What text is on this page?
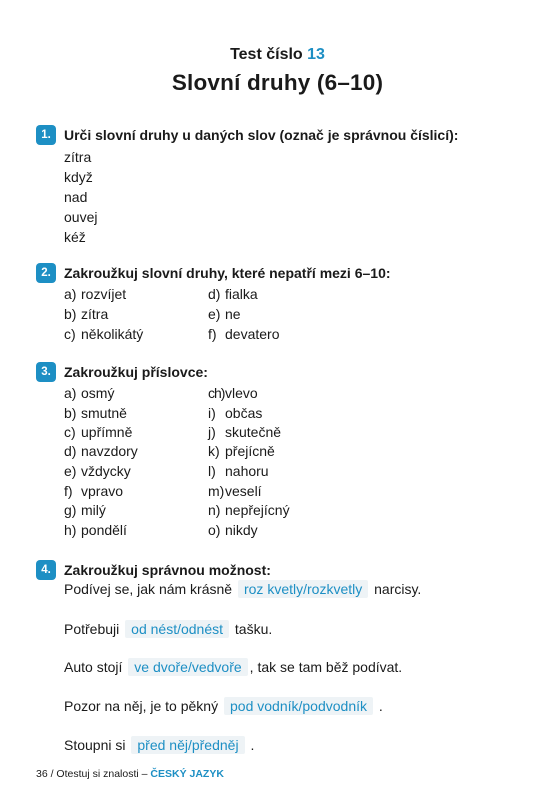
Test číslo 13
Slovní druhy (6–10)
1. Urči slovní druhy u daných slov (označ je správnou číslicí):
zítra
když
nad
ouvej
kéž
2. Zakroužkuj slovní druhy, které nepatří mezi 6–10:
a) rozvíjet
b) zítra
c) několikátý
d) fialka
e) ne
f) devatero
3. Zakroužkuj příslovce:
a) osmý
b) smutně
c) upřímně
d) navzdory
e) vždycky
f) vpravo
g) milý
h) pondělí
ch)vlevo
i) občas
j) skutečně
k) přejícně
l) nahoru
m)veselí
n) nepřejícný
o) nikdy
4. Zakroužkuj správnou možnost:
Podívej se, jak nám krásně roz kvetly/rozkvetly narcisy.
Potřebuji od nést/odnést tašku.
Auto stojí ve dvoře/vedvoře , tak se tam běž podívat.
Pozor na něj, je to pěkný pod vodník/podvodník .
Stoupni si před něj/předněj .
36 / Otestuj si znalosti – ČESKÝ JAZYK
